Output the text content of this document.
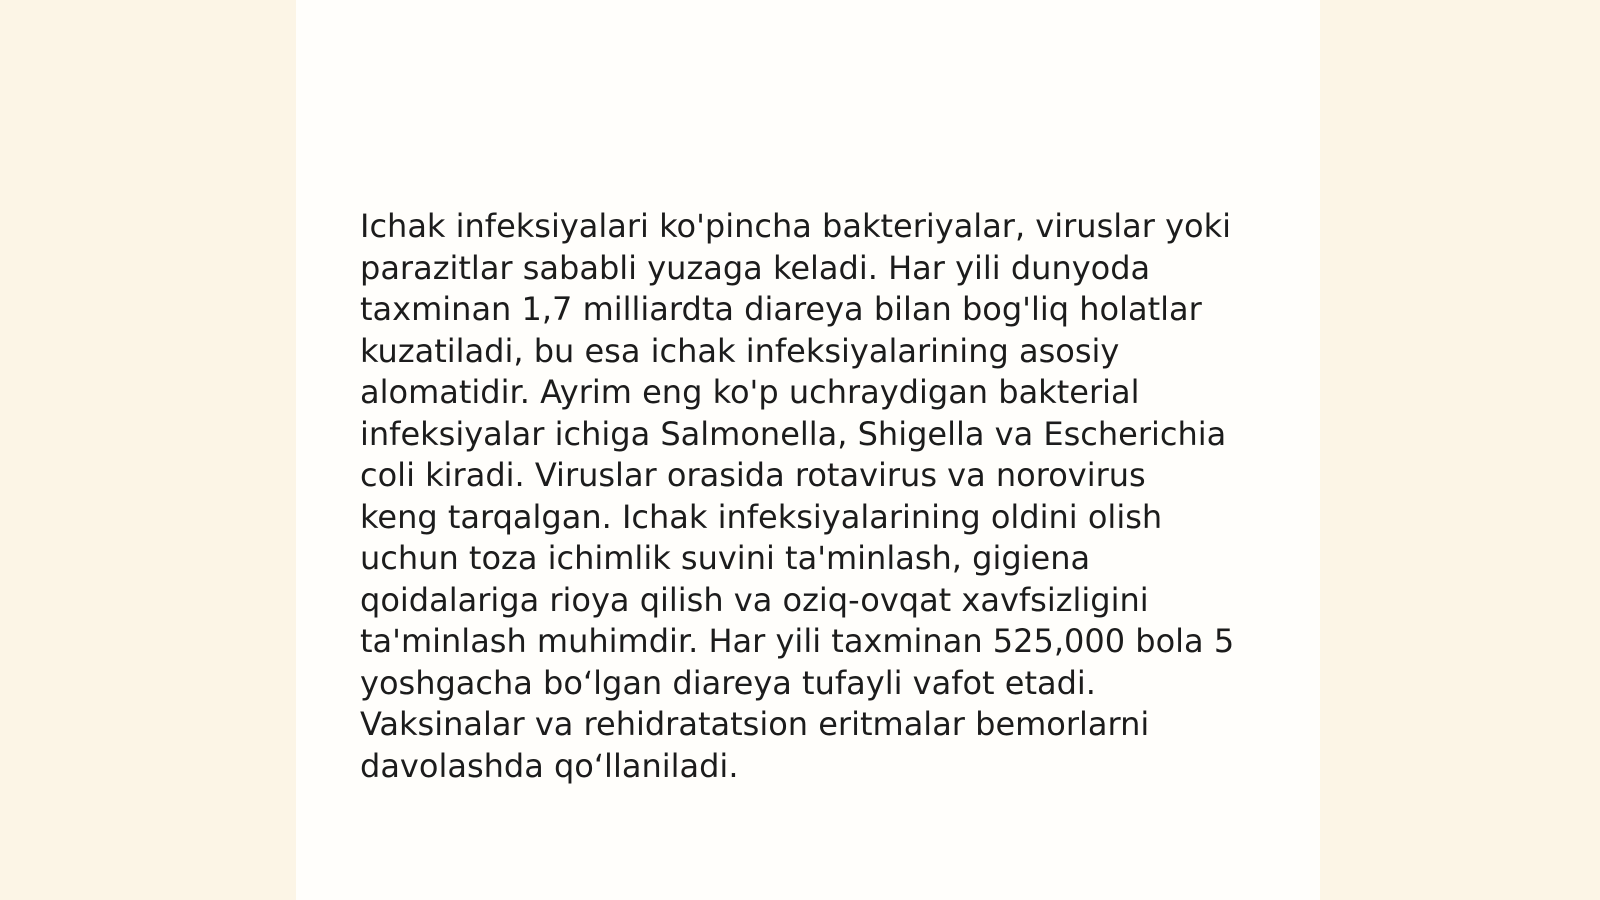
Ichak infeksiyalari ko'pincha bakteriyalar, viruslar yoki
parazitlar sababli yuzaga keladi. Har yili dunyoda
taxminan 1,7 milliardta diareya bilan bog'liq holatlar
kuzatiladi, bu esa ichak infeksiyalarining asosiy
alomatidir. Ayrim eng ko'p uchraydigan bakterial
infeksiyalar ichiga Salmonella, Shigella va Escherichia
coli kiradi. Viruslar orasida rotavirus va norovirus
keng tarqalgan. Ichak infeksiyalarining oldini olish
uchun toza ichimlik suvini ta'minlash, gigiena
qoidalariga rioya qilish va oziq-ovqat xavfsizligini
ta'minlash muhimdir. Har yili taxminan 525,000 bola 5
yoshgacha bo‘lgan diareya tufayli vafot etadi.
Vaksinalar va rehidratatsion eritmalar bemorlarni
davolashda qo‘llaniladi.
